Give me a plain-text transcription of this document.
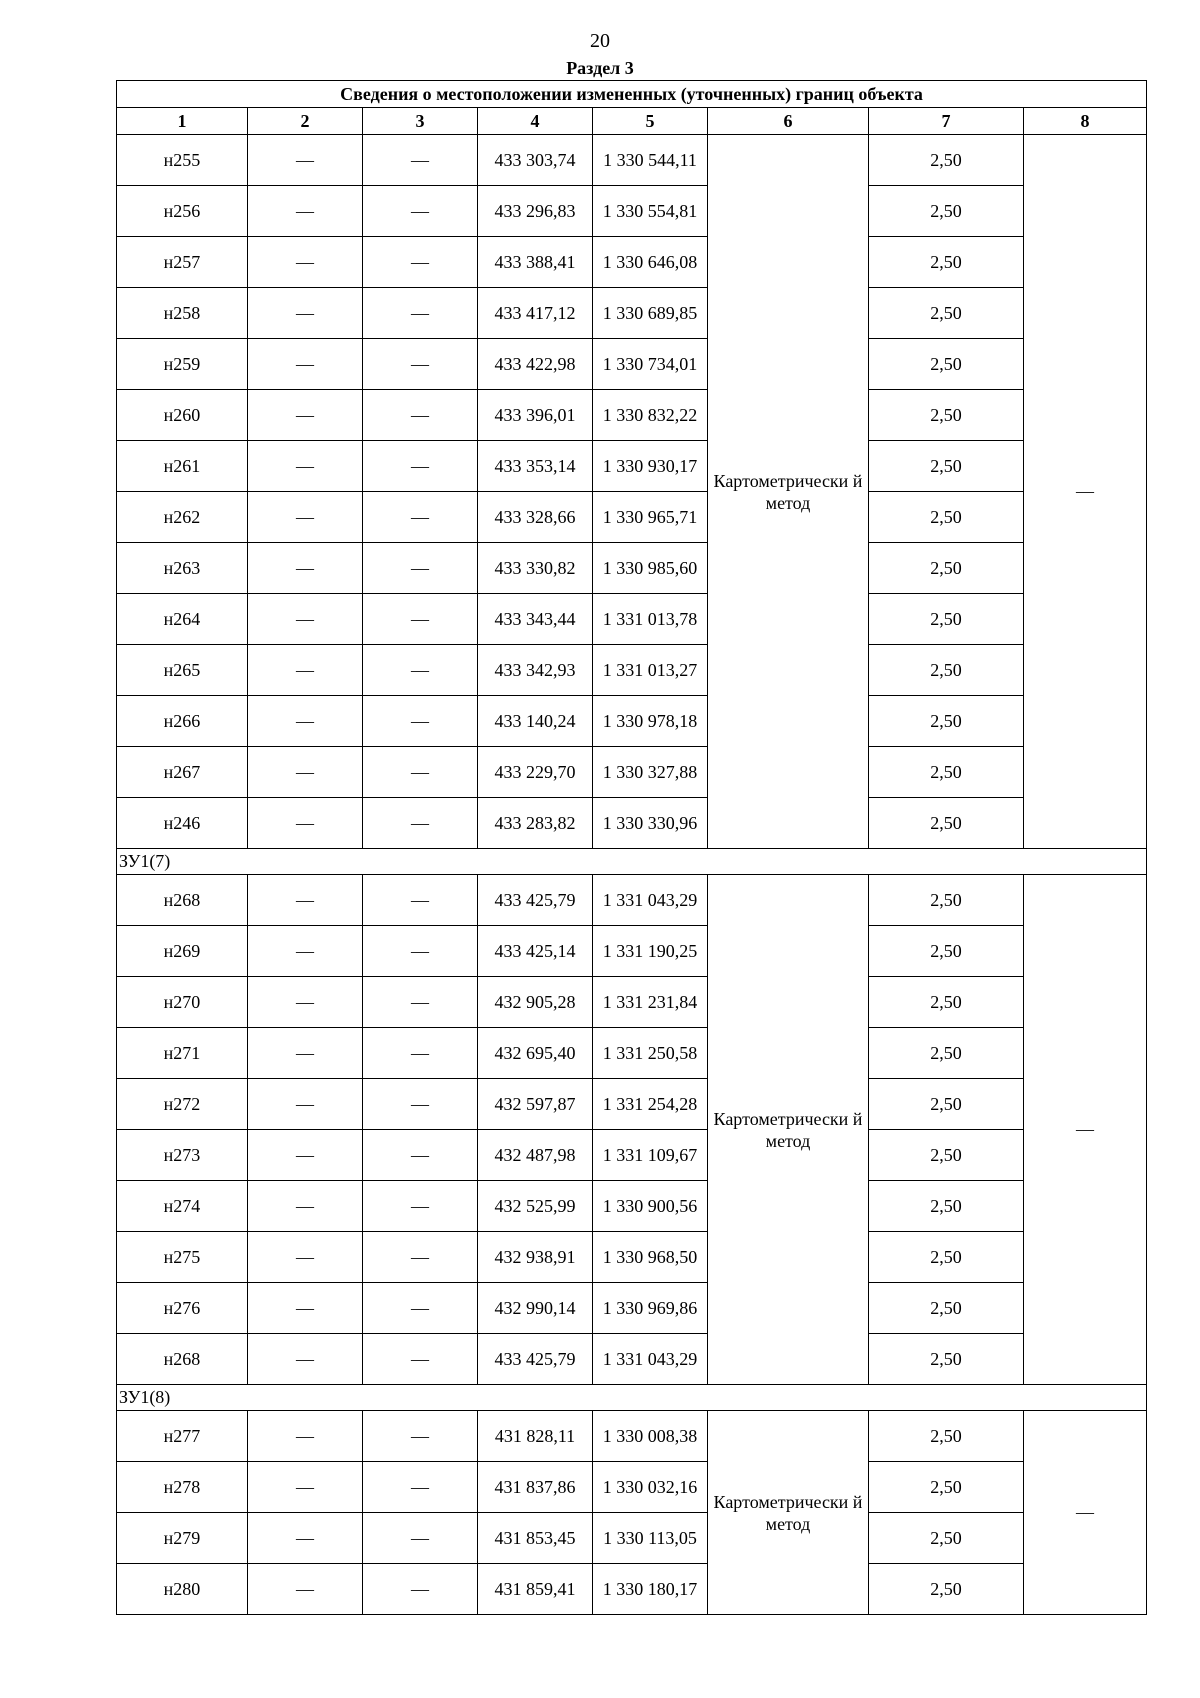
20
Раздел 3
Сведения о местоположении измененных (уточненных) границ объекта							
1	2	3	4	5	6	7	8
н255	—	—	433 303,74	1 330 544,11	Картометрически й метод	2,50	—
н256	—	—	433 296,83	1 330 554,81		2,50	
н257	—	—	433 388,41	1 330 646,08		2,50	
н258	—	—	433 417,12	1 330 689,85		2,50	
н259	—	—	433 422,98	1 330 734,01		2,50	
н260	—	—	433 396,01	1 330 832,22		2,50	
н261	—	—	433 353,14	1 330 930,17		2,50	
н262	—	—	433 328,66	1 330 965,71		2,50	
н263	—	—	433 330,82	1 330 985,60		2,50	
н264	—	—	433 343,44	1 331 013,78		2,50	
н265	—	—	433 342,93	1 331 013,27		2,50	
н266	—	—	433 140,24	1 330 978,18		2,50	
н267	—	—	433 229,70	1 330 327,88		2,50	
н246	—	—	433 283,82	1 330 330,96		2,50	
ЗУ1(7)							
н268	—	—	433 425,79	1 331 043,29	Картометрически й метод	2,50	—
н269	—	—	433 425,14	1 331 190,25		2,50	
н270	—	—	432 905,28	1 331 231,84		2,50	
н271	—	—	432 695,40	1 331 250,58		2,50	
н272	—	—	432 597,87	1 331 254,28		2,50	
н273	—	—	432 487,98	1 331 109,67		2,50	
н274	—	—	432 525,99	1 330 900,56		2,50	
н275	—	—	432 938,91	1 330 968,50		2,50	
н276	—	—	432 990,14	1 330 969,86		2,50	
н268	—	—	433 425,79	1 331 043,29		2,50	
ЗУ1(8)							
н277	—	—	431 828,11	1 330 008,38	Картометрически й метод	2,50	—
н278	—	—	431 837,86	1 330 032,16		2,50	
н279	—	—	431 853,45	1 330 113,05		2,50	
н280	—	—	431 859,41	1 330 180,17		2,50	
